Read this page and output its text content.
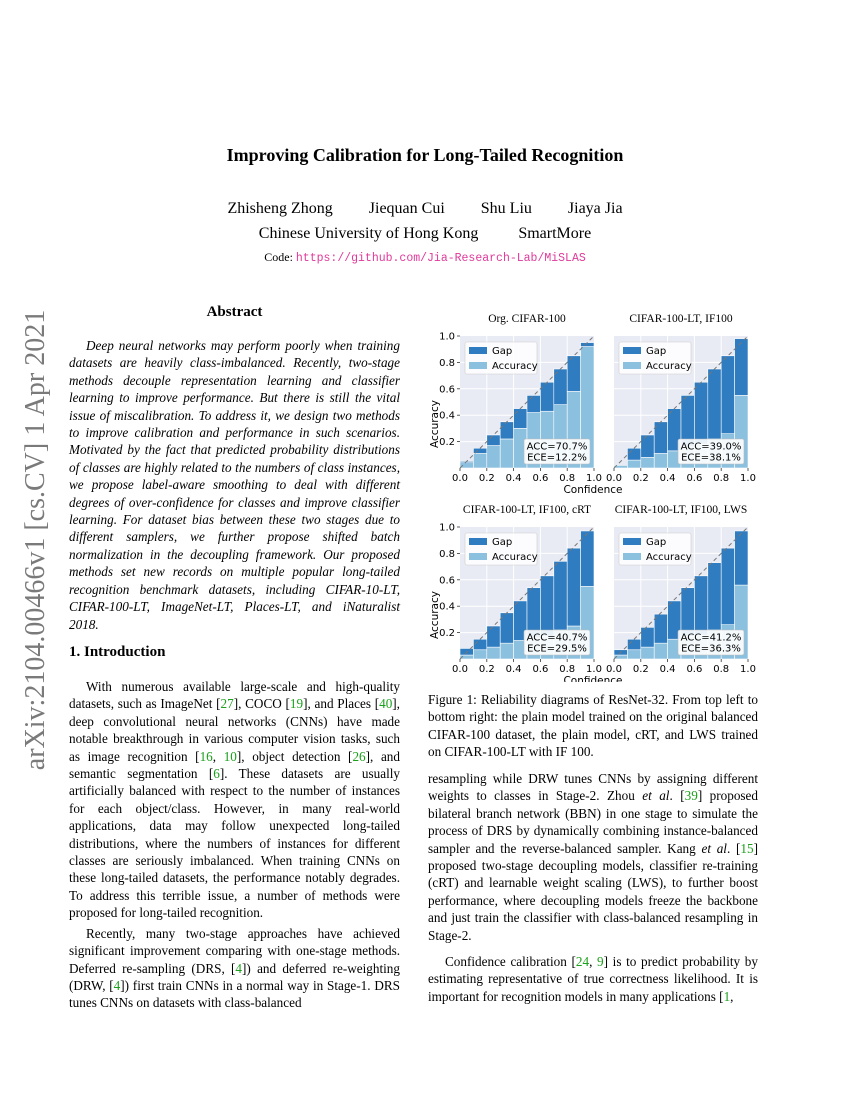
arXiv:2104.00466v1 [cs.CV] 1 Apr 2021
Improving Calibration for Long-Tailed Recognition
Zhisheng Zhong Jiequan Cui Shu Liu Jiaya Jia
Chinese University of Hong Kong	SmartMore
Code: https://github.com/Jia-Research-Lab/MiSLAS
Abstract

Deep neural networks may perform poorly when training datasets are heavily class-imbalanced. Recently, two-stage methods decouple representation learning and classifier learning to improve performance. But there is still the vital issue of miscalibration. To address it, we design two methods to improve calibration and performance in such scenarios. Motivated by the fact that predicted probability distributions of classes are highly related to the numbers of class instances, we propose label-aware smoothing to deal with different degrees of over-confidence for classes and improve classifier learning. For dataset bias between these two stages due to different samplers, we further propose shifted batch normalization in the decoupling framework. Our proposed methods set new records on multiple popular long-tailed recognition benchmark datasets, including CIFAR-10-LT, CIFAR-100-LT, ImageNet-LT, Places-LT, and iNaturalist 2018.

1. Introduction

With numerous available large-scale and high-quality datasets, such as ImageNet [27], COCO [19], and Places [40], deep convolutional neural networks (CNNs) have made notable breakthrough in various computer vision tasks, such as image recognition [16, 10], object detection [26], and semantic segmentation [6]. These datasets are usually artificially balanced with respect to the number of instances for each object/class. However, in many real-world applications, data may follow unexpected long-tailed distributions, where the numbers of instances for different classes are seriously imbalanced. When training CNNs on these long-tailed datasets, the performance notably degrades. To address this terrible issue, a number of methods were proposed for long-tailed recognition.

Recently, many two-stage approaches have achieved significant improvement comparing with one-stage methods. Deferred re-sampling (DRS, [4]) and deferred re-weighting (DRW, [4]) first train CNNs in a normal way in Stage-1. DRS tunes CNNs on datasets with class-balanced

Org. CIFAR-100
0.0 0.2 0.4 0.6 0.8 1.0
0.2
0.4
0.6
0.8
1.0
Accuracy
Gap
Accuracy
ACC=70.7%
ECE=12.2%
CIFAR-100-LT, IF100
0.0 0.2 0.4 0.6 0.8 1.0
Confidence
Gap
Accuracy
ACC=39.0%
ECE=38.1%
CIFAR-100-LT, IF100, cRT
0.0 0.2 0.4 0.6 0.8 1.0
0.2
0.4
0.6
0.8
1.0
Accuracy
Gap
Accuracy
ACC=40.7%
ECE=29.5%
CIFAR-100-LT, IF100, LWS
0.0 0.2 0.4 0.6 0.8 1.0
Confidence
Gap
Accuracy
ACC=41.2%
ECE=36.3%
Figure 1: Reliability diagrams of ResNet-32. From top left to bottom right: the plain model trained on the original balanced CIFAR-100 dataset, the plain model, cRT, and LWS trained on CIFAR-100-LT with IF 100.

resampling while DRW tunes CNNs by assigning different weights to classes in Stage-2. Zhou et al. [39] proposed bilateral branch network (BBN) in one stage to simulate the process of DRS by dynamically combining instance-balanced sampler and the reverse-balanced sampler. Kang et al. [15] proposed two-stage decoupling models, classifier re-training (cRT) and learnable weight scaling (LWS), to further boost performance, where decoupling models freeze the backbone and just train the classifier with class-balanced resampling in Stage-2.

Confidence calibration [24, 9] is to predict probability by estimating representative of true correctness likelihood. It is important for recognition models in many applications [1,
